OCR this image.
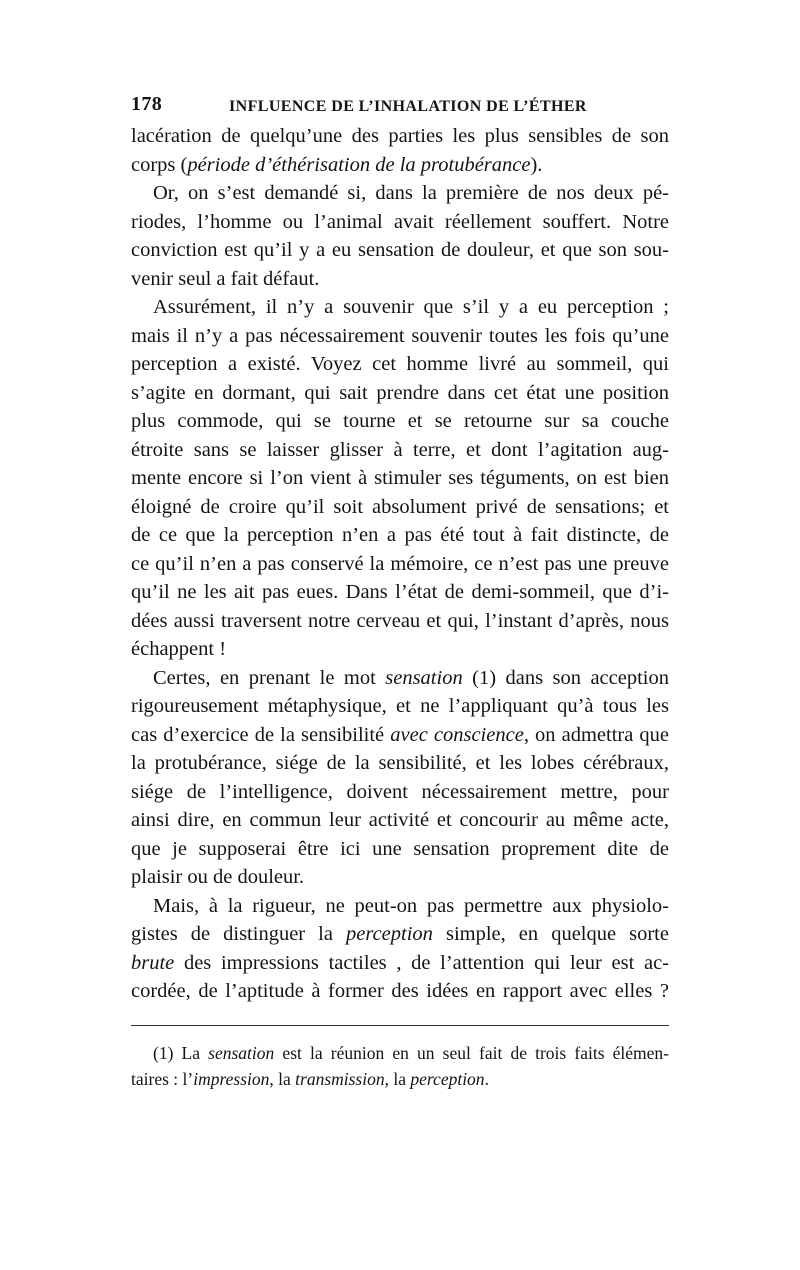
178	INFLUENCE DE L’INHALATION DE L’ÉTHER
lacération de quelqu’une des parties les plus sensibles de son
corps (période d’éthérisation de la protubérance).
Or, on s’est demandé si, dans la première de nos deux pé-
riodes, l’homme ou l’animal avait réellement souffert. Notre
conviction est qu’il y a eu sensation de douleur, et que son sou-
venir seul a fait défaut.
Assurément, il n’y a souvenir que s’il y a eu perception ;
mais il n’y a pas nécessairement souvenir toutes les fois qu’une
perception a existé. Voyez cet homme livré au sommeil, qui
s’agite en dormant, qui sait prendre dans cet état une position
plus commode, qui se tourne et se retourne sur sa couche
étroite sans se laisser glisser à terre, et dont l’agitation aug-
mente encore si l’on vient à stimuler ses téguments, on est bien
éloigné de croire qu’il soit absolument privé de sensations; et
de ce que la perception n’en a pas été tout à fait distincte, de
ce qu’il n’en a pas conservé la mémoire, ce n’est pas une preuve
qu’il ne les ait pas eues. Dans l’état de demi-sommeil, que d’i-
dées aussi traversent notre cerveau et qui, l’instant d’après, nous
échappent !
Certes, en prenant le mot sensation (1) dans son acception
rigoureusement métaphysique, et ne l’appliquant qu’à tous les
cas d’exercice de la sensibilité avec conscience, on admettra que
la protubérance, siége de la sensibilité, et les lobes cérébraux,
siége de l’intelligence, doivent nécessairement mettre, pour
ainsi dire, en commun leur activité et concourir au même acte,
que je supposerai être ici une sensation proprement dite de
plaisir ou de douleur.
Mais, à la rigueur, ne peut-on pas permettre aux physiolo-
gistes de distinguer la perception simple, en quelque sorte
brute des impressions tactiles , de l’attention qui leur est ac-
cordée, de l’aptitude à former des idées en rapport avec elles ?
(1) La sensation est la réunion en un seul fait de trois faits élémen-
taires : l’impression, la transmission, la perception.
